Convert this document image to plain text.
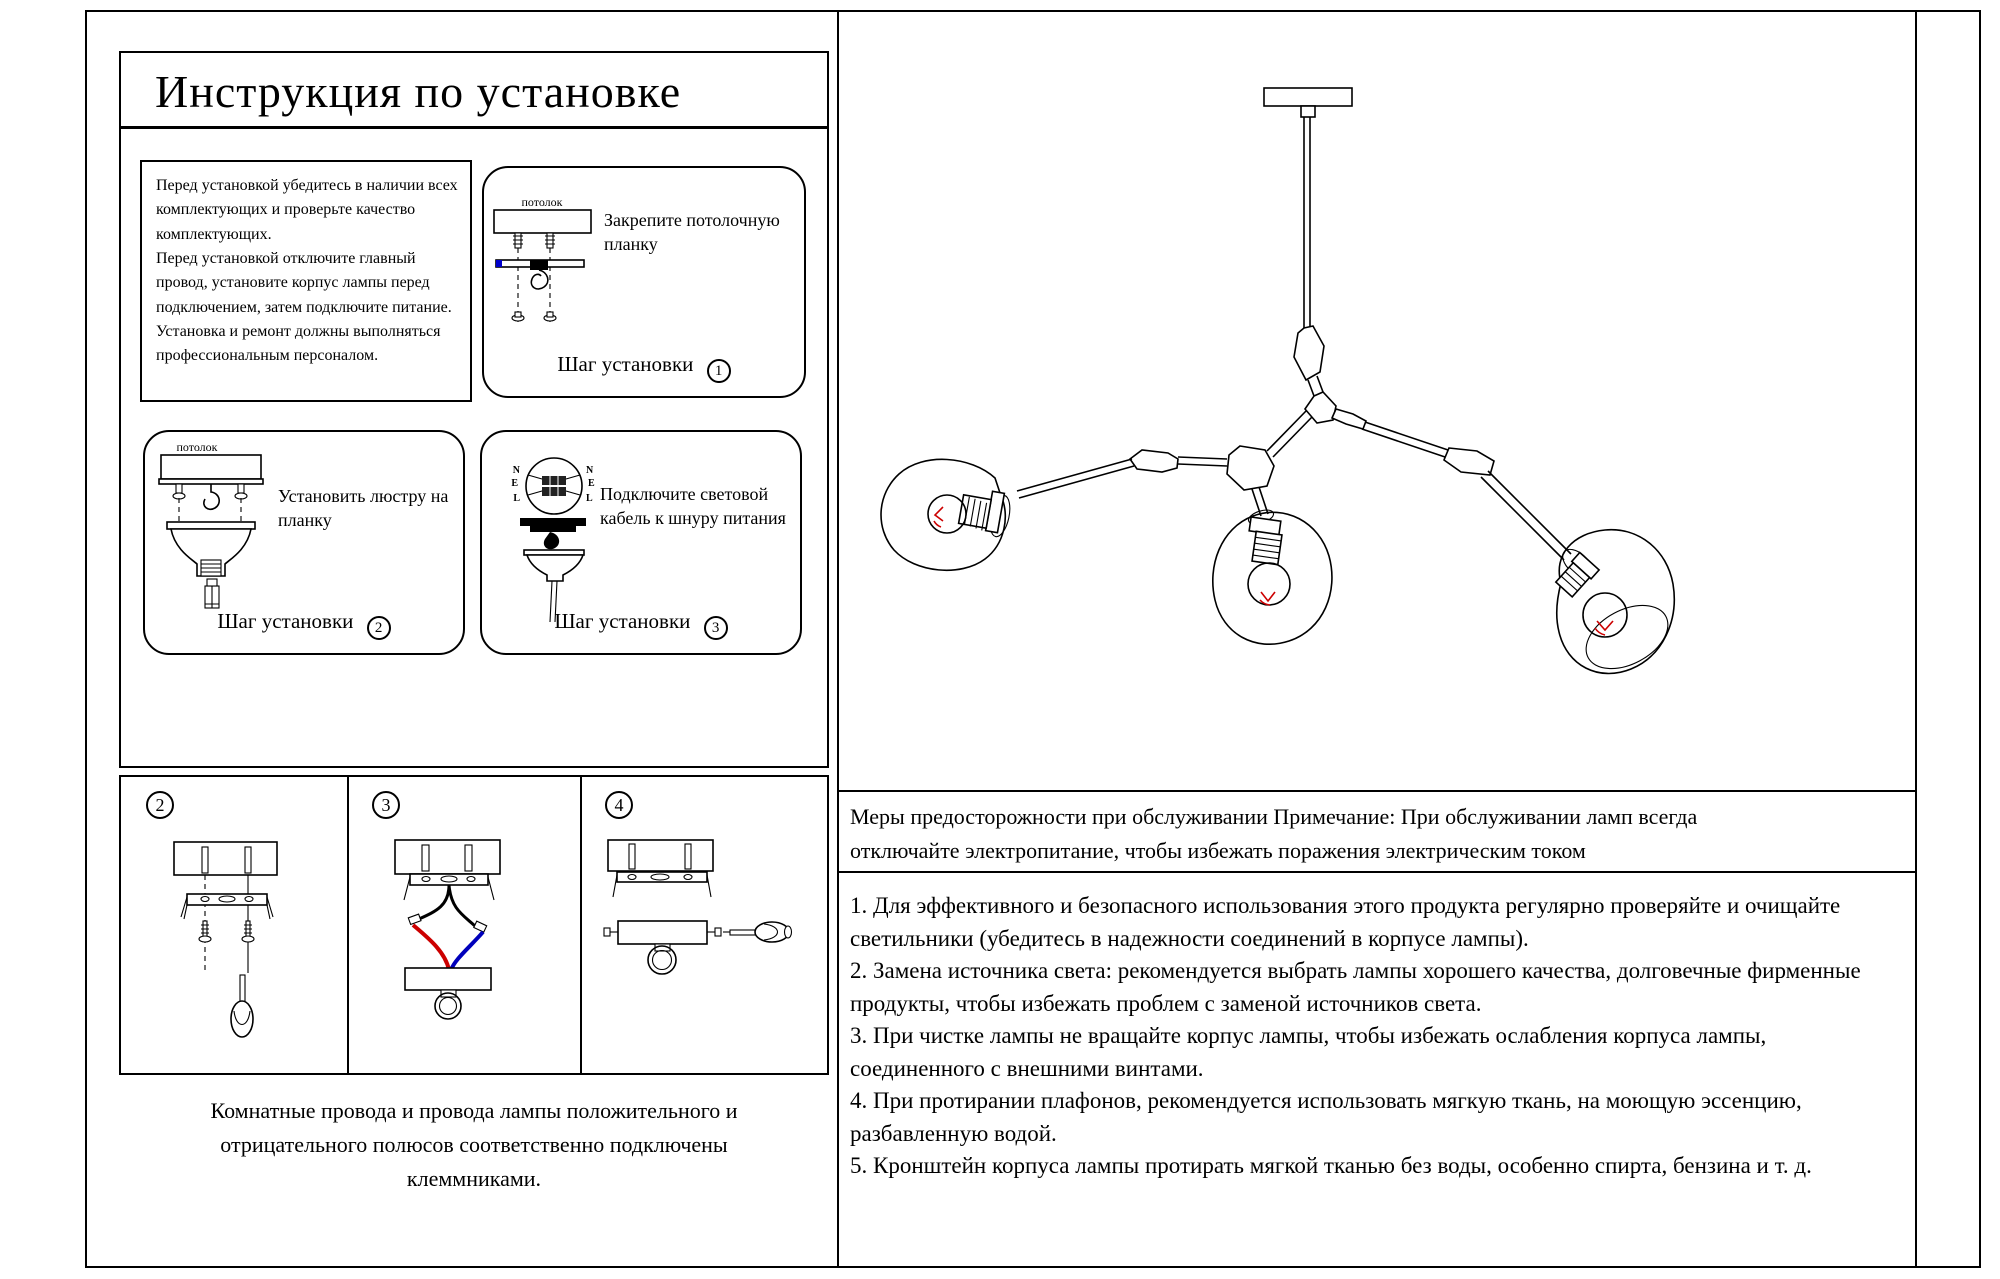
Инструкция по установке

Перед установкой убедитесь в наличии всех комплектующих и проверьте качество комплектующих.

Перед установкой отключите главный провод, установите корпус лампы перед подключением, затем подключите питание.

Установка и ремонт должны выполняться профессиональным персоналом.

потолок
Закрепите потолочную планку
Шаг установки 1
потолок
Установить люстру на планку
Шаг установки 2
N
E
L
N
E
L Подключите световой кабель к шнуру питания
Шаг установки 3
2	3	4
Комнатные провода и провода лампы положительного и отрицательного полюсов соответственно подключены клеммниками.
Меры предосторожности при обслуживании Примечание: При обслуживании ламп всегда отключайте электропитание, чтобы избежать поражения электрическим током

1. Для эффективного и безопасного использования этого продукта регулярно проверяйте и очищайте светильники (убедитесь в надежности соединений в корпусе лампы).

2. Замена источника света: рекомендуется выбрать лампы хорошего качества, долговечные фирменные продукты, чтобы избежать проблем с заменой источников света.

3. При чистке лампы не вращайте корпус лампы, чтобы избежать ослабления корпуса лампы, соединенного с внешними винтами.

4. При протирании плафонов, рекомендуется использовать мягкую ткань, на моющую эссенцию, разбавленную водой.

5. Кронштейн корпуса лампы протирать мягкой тканью без воды, особенно спирта, бензина и т. д.
